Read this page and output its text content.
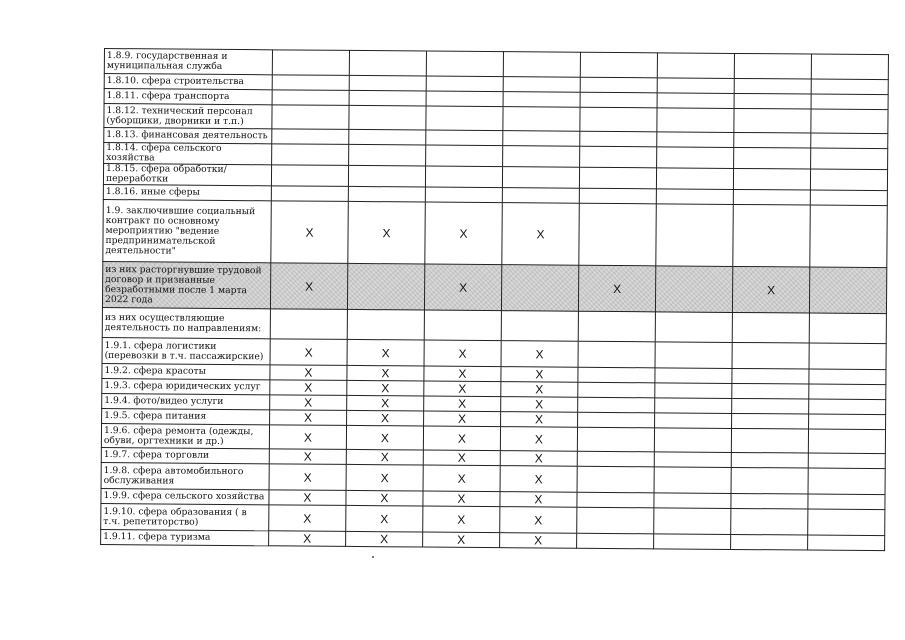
1.8.9. государственная и муниципальная служба								
1.8.10. сфера строительства								
1.8.11. сфера транспорта								
1.8.12. технический персонал (уборщики, дворники и т.п.)								
1.8.13. финансовая деятельность								
1.8.14. сфера сельского хозяйства								
1.8.15. сфера обработки/переработки								
1.8.16. иные сферы								
1.9. заключившие социальный контракт по основному мероприятию "ведение предпринимательской деятельности"	X	X	X	X				
из них расторгнувшие трудовой договор и признанные безработными после 1 марта 2022 года	X		X		X		X	
из них осуществляющие деятельность по направлениям:								
1.9.1. сфера логистики (перевозки в т.ч. пассажирские)	X	X	X	X				
1.9.2. сфера красоты	X	X	X	X				
1.9.3. сфера юридических услуг	X	X	X	X				
1.9.4. фото/видео услуги	X	X	X	X				
1.9.5. сфера питания	X	X	X	X				
1.9.6. сфера ремонта (одежды, обуви, оргтехники и др.)	X	X	X	X				
1.9.7. сфера торговли	X	X	X	X				
1.9.8. сфера автомобильного обслуживания	X	X	X	X				
1.9.9. сфера сельского хозяйства	X	X	X	X				
1.9.10. сфера образования ( в т.ч. репетиторство)	X	X	X	X				
1.9.11. сфера туризма	X	X	X	X				
